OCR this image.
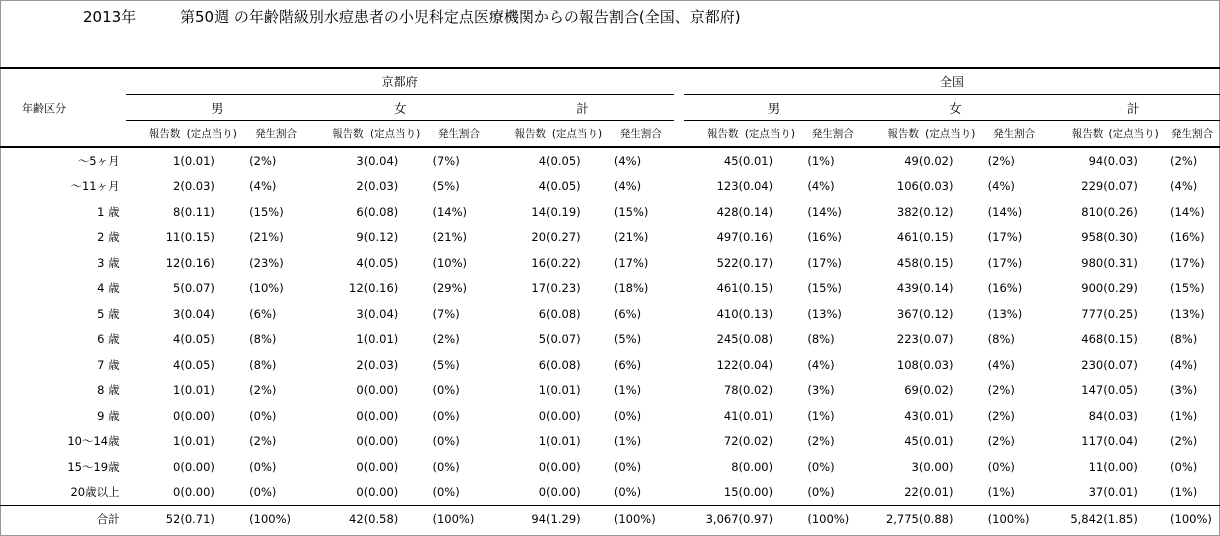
2013年	第50週 の年齢階級別水痘患者の小児科定点医療機関からの報告割合(全国、京都府)
年齢区分	京都府										全国								
	男			女			計				男			女			計		
	報告数	(定点当り)	発生割合	報告数	(定点当り)	発生割合	報告数	(定点当り)	発生割合		報告数	(定点当り)	発生割合	報告数	(定点当り)	発生割合	報告数	(定点当り)	発生割合
～5ヶ月	1	(0.01)	(2%)	3	(0.04)	(7%)	4	(0.05)	(4%)		45	(0.01)	(1%)	49	(0.02)	(2%)	94	(0.03)	(2%)
～11ヶ月	2	(0.03)	(4%)	2	(0.03)	(5%)	4	(0.05)	(4%)		123	(0.04)	(4%)	106	(0.03)	(4%)	229	(0.07)	(4%)
1 歳	8	(0.11)	(15%)	6	(0.08)	(14%)	14	(0.19)	(15%)		428	(0.14)	(14%)	382	(0.12)	(14%)	810	(0.26)	(14%)
2 歳	11	(0.15)	(21%)	9	(0.12)	(21%)	20	(0.27)	(21%)		497	(0.16)	(16%)	461	(0.15)	(17%)	958	(0.30)	(16%)
3 歳	12	(0.16)	(23%)	4	(0.05)	(10%)	16	(0.22)	(17%)		522	(0.17)	(17%)	458	(0.15)	(17%)	980	(0.31)	(17%)
4 歳	5	(0.07)	(10%)	12	(0.16)	(29%)	17	(0.23)	(18%)		461	(0.15)	(15%)	439	(0.14)	(16%)	900	(0.29)	(15%)
5 歳	3	(0.04)	(6%)	3	(0.04)	(7%)	6	(0.08)	(6%)		410	(0.13)	(13%)	367	(0.12)	(13%)	777	(0.25)	(13%)
6 歳	4	(0.05)	(8%)	1	(0.01)	(2%)	5	(0.07)	(5%)		245	(0.08)	(8%)	223	(0.07)	(8%)	468	(0.15)	(8%)
7 歳	4	(0.05)	(8%)	2	(0.03)	(5%)	6	(0.08)	(6%)		122	(0.04)	(4%)	108	(0.03)	(4%)	230	(0.07)	(4%)
8 歳	1	(0.01)	(2%)	0	(0.00)	(0%)	1	(0.01)	(1%)		78	(0.02)	(3%)	69	(0.02)	(2%)	147	(0.05)	(3%)
9 歳	0	(0.00)	(0%)	0	(0.00)	(0%)	0	(0.00)	(0%)		41	(0.01)	(1%)	43	(0.01)	(2%)	84	(0.03)	(1%)
10～14歳	1	(0.01)	(2%)	0	(0.00)	(0%)	1	(0.01)	(1%)		72	(0.02)	(2%)	45	(0.01)	(2%)	117	(0.04)	(2%)
15～19歳	0	(0.00)	(0%)	0	(0.00)	(0%)	0	(0.00)	(0%)		8	(0.00)	(0%)	3	(0.00)	(0%)	11	(0.00)	(0%)
20歳以上	0	(0.00)	(0%)	0	(0.00)	(0%)	0	(0.00)	(0%)		15	(0.00)	(0%)	22	(0.01)	(1%)	37	(0.01)	(1%)
合計	52	(0.71)	(100%)	42	(0.58)	(100%)	94	(1.29)	(100%)		3,067	(0.97)	(100%)	2,775	(0.88)	(100%)	5,842	(1.85)	(100%)
